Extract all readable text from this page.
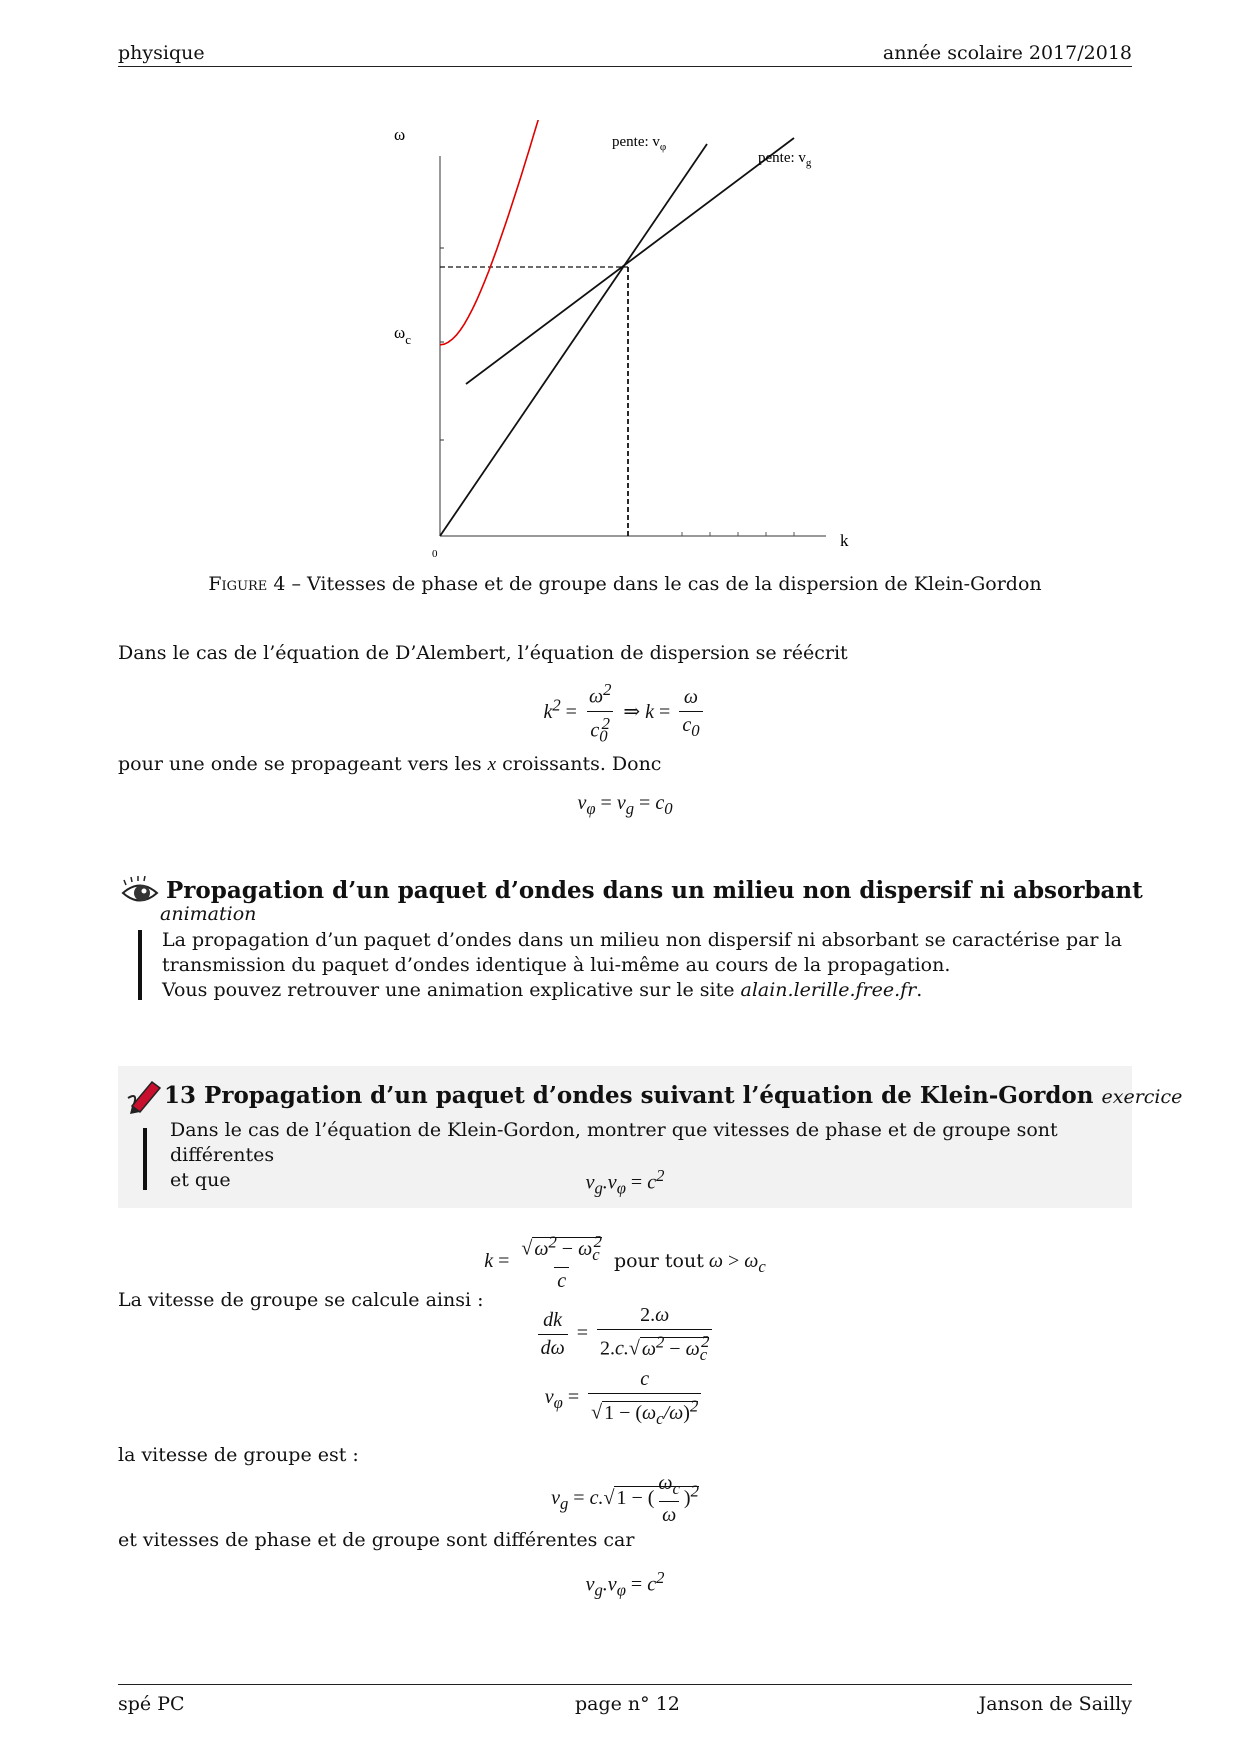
physique	année scolaire 2017/2018
ω
$\omega_c$
0
k
pente: $v_\varphi$
pente: $v_g$
Figure 4 – Vitesses de phase et de groupe dans le cas de la dispersion de Klein-Gordon
Dans le cas de l’équation de D’Alembert, l’équation de dispersion se réécrit
$k^2 = \frac{\omega^2}{c_0^2}$ ⇒ $k = \frac{\omega}{c_0}$
pour une onde se propageant vers les x croissants. Donc
$v_\varphi = v_g = c_0$
Propagation d’un paquet d’ondes dans un milieu non dispersif ni absorbant
animation
La propagation d’un paquet d’ondes dans un milieu non dispersif ni absorbant se caractérise par la
transmission du paquet d’ondes identique à lui-même au cours de la propagation.
Vous pouvez retrouver une animation explicative sur le site alain.lerille.free.fr.
13 Propagation d’un paquet d’ondes suivant l’équation de Klein-Gordon exercice
Dans le cas de l’équation de Klein-Gordon, montrer que vitesses de phase et de groupe sont différentes
et que	$v_g.v_\varphi = c^2$
$k = \frac{√ \omega^2 - \omega_c^2}{c}$ pour tout $\omega > \omega_c$
La vitesse de groupe se calcule ainsi :
$\frac{dk}{d\omega} = \frac{2.\omega}{2.c.√ \omega^2 - \omega_c^2}$
$v_\varphi = \frac{c}{√ 1 - (\omega_c/\omega)^2}$
la vitesse de groupe est :
$v_g = c.√$ 1 − ( $\frac{\omega_c}{\omega} )^2$
et vitesses de phase et de groupe sont différentes car
$v_g.v_\varphi = c^2$
spé PC	page n° 12	Janson de Sailly
